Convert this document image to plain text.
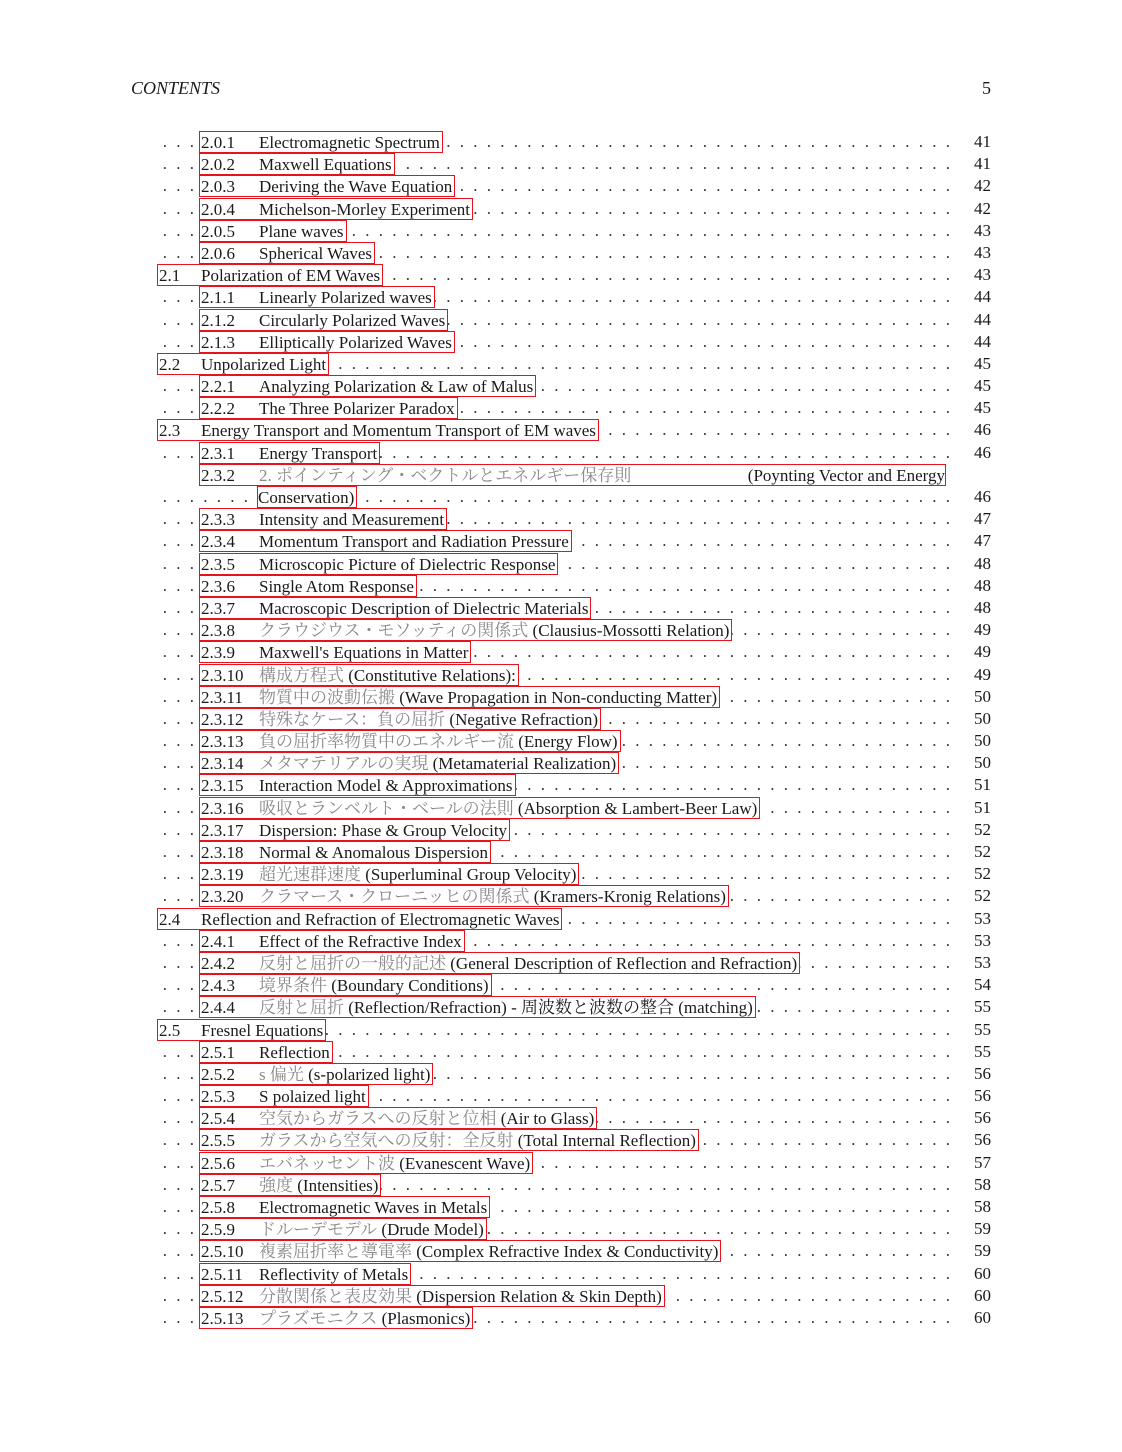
CONTENTS	5
. . .
2.0.1 Electromagnetic Spectrum	41
. . .
2.0.2 Maxwell Equations	41
. . .
2.0.3 Deriving the Wave Equation	42
. . .
2.0.4 Michelson-Morley Experiment	42
. . .
2.0.5 Plane waves	43
. . .
2.0.6 Spherical Waves	43
. . .
2.1 Polarization of EM Waves	43
. . .
2.1.1 Linearly Polarized waves	44
. . .
2.1.2 Circularly Polarized Waves	44
. . .
2.1.3 Elliptically Polarized Waves	44
. . .
2.2 Unpolarized Light	45
. . .
2.2.1 Analyzing Polarization & Law of Malus	45
. . .
2.2.2 The Three Polarizer Paradox	45
. . .
2.3 Energy Transport and Momentum Transport of EM waves	46
. . .
2.3.1 Energy Transport	46
. . .
2.3.2 2. ポインティング・ベクトルとエネルギー保存則	(Poynting Vector and Energy
Conservation)	46
. . .
2.3.3 Intensity and Measurement	47
. . .
2.3.4 Momentum Transport and Radiation Pressure	47
. . .
2.3.5 Microscopic Picture of Dielectric Response	48
. . .
2.3.6 Single Atom Response	48
. . .
2.3.7 Macroscopic Description of Dielectric Materials	48
. . .
2.3.8 クラウジウス・モソッティの関係式 (Clausius-Mossotti Relation)	49
. . .
2.3.9 Maxwell's Equations in Matter	49
. . .
2.3.10 構成方程式 (Constitutive Relations):	49
. . .
2.3.11 物質中の波動伝搬 (Wave Propagation in Non-conducting Matter)	50
. . .
2.3.12 特殊なケース：負の屈折 (Negative Refraction)	50
. . .
2.3.13 負の屈折率物質中のエネルギー流 (Energy Flow)	50
. . .
2.3.14 メタマテリアルの実現 (Metamaterial Realization)	50
. . .
2.3.15 Interaction Model & Approximations	51
. . .
2.3.16 吸収とランベルト・ベールの法則 (Absorption & Lambert-Beer Law)	51
. . .
2.3.17 Dispersion: Phase & Group Velocity	52
. . .
2.3.18 Normal & Anomalous Dispersion	52
. . .
2.3.19 超光速群速度 (Superluminal Group Velocity)	52
. . .
2.3.20 クラマース・クローニッヒの関係式 (Kramers-Kronig Relations)	52
. . .
2.4 Reflection and Refraction of Electromagnetic Waves	53
. . .
2.4.1 Effect of the Refractive Index	53
. . .
2.4.2 反射と屈折の一般的記述 (General Description of Reflection and Refraction)	53
. . .
2.4.3 境界条件 (Boundary Conditions)	54
. . .
2.4.4 反射と屈折 (Reflection/Refraction) - 周波数と波数の整合 (matching)	55
. . .
2.5 Fresnel Equations	55
. . .
2.5.1 Reflection	55
. . .
2.5.2 s 偏光 (s-polarized light)	56
. . .
2.5.3 S polaized light	56
. . .
2.5.4 空気からガラスへの反射と位相 (Air to Glass)	56
. . .
2.5.5 ガラスから空気への反射：全反射 (Total Internal Reflection)	56
. . .
2.5.6 エバネッセント波 (Evanescent Wave)	57
. . .
2.5.7 強度 (Intensities)	58
. . .
2.5.8 Electromagnetic Waves in Metals	58
. . .
2.5.9 ドルーデモデル (Drude Model)	59
. . .
2.5.10 複素屈折率と導電率 (Complex Refractive Index & Conductivity)	59
. . .
2.5.11 Reflectivity of Metals	60
. . .
2.5.12 分散関係と表皮効果 (Dispersion Relation & Skin Depth)	60
. . .
2.5.13 プラズモニクス (Plasmonics)	60
